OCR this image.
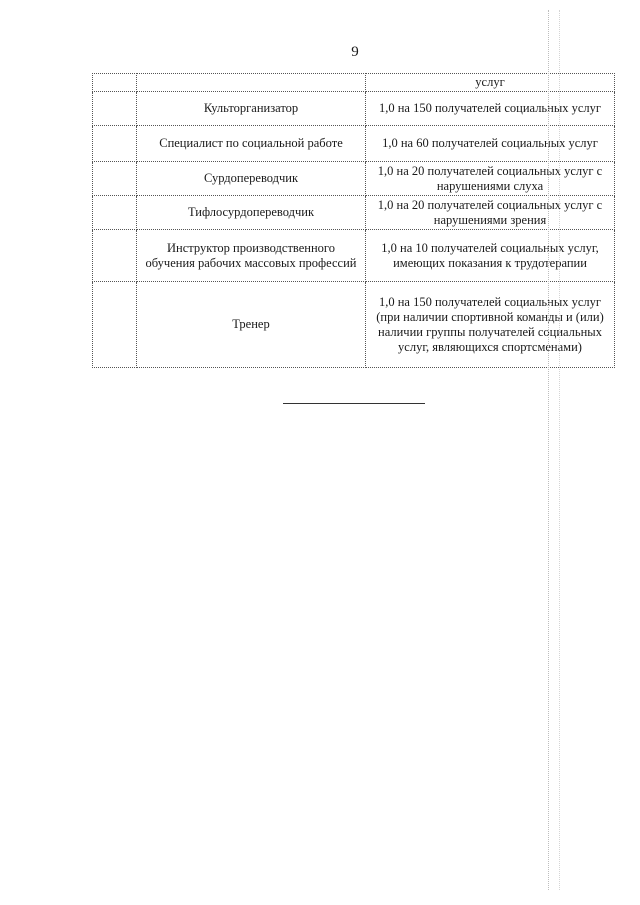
9
		услуг
	Культорганизатор	1,0 на 150 получателей социальных услуг
	Специалист по социальной работе	1,0 на 60 получателей социальных услуг
	Сурдопереводчик	1,0 на 20 получателей социальных услуг с нарушениями слуха
	Тифлосурдопереводчик	1,0 на 20 получателей социальных услуг с нарушениями зрения
	Инструктор производственного обучения рабочих массовых профессий	1,0 на 10 получателей социальных услуг, имеющих показания к трудотерапии
	Тренер	1,0 на 150 получателей социальных услуг (при наличии спортивной команды и (или) наличии группы получателей социальных услуг, являющихся спортсменами)
